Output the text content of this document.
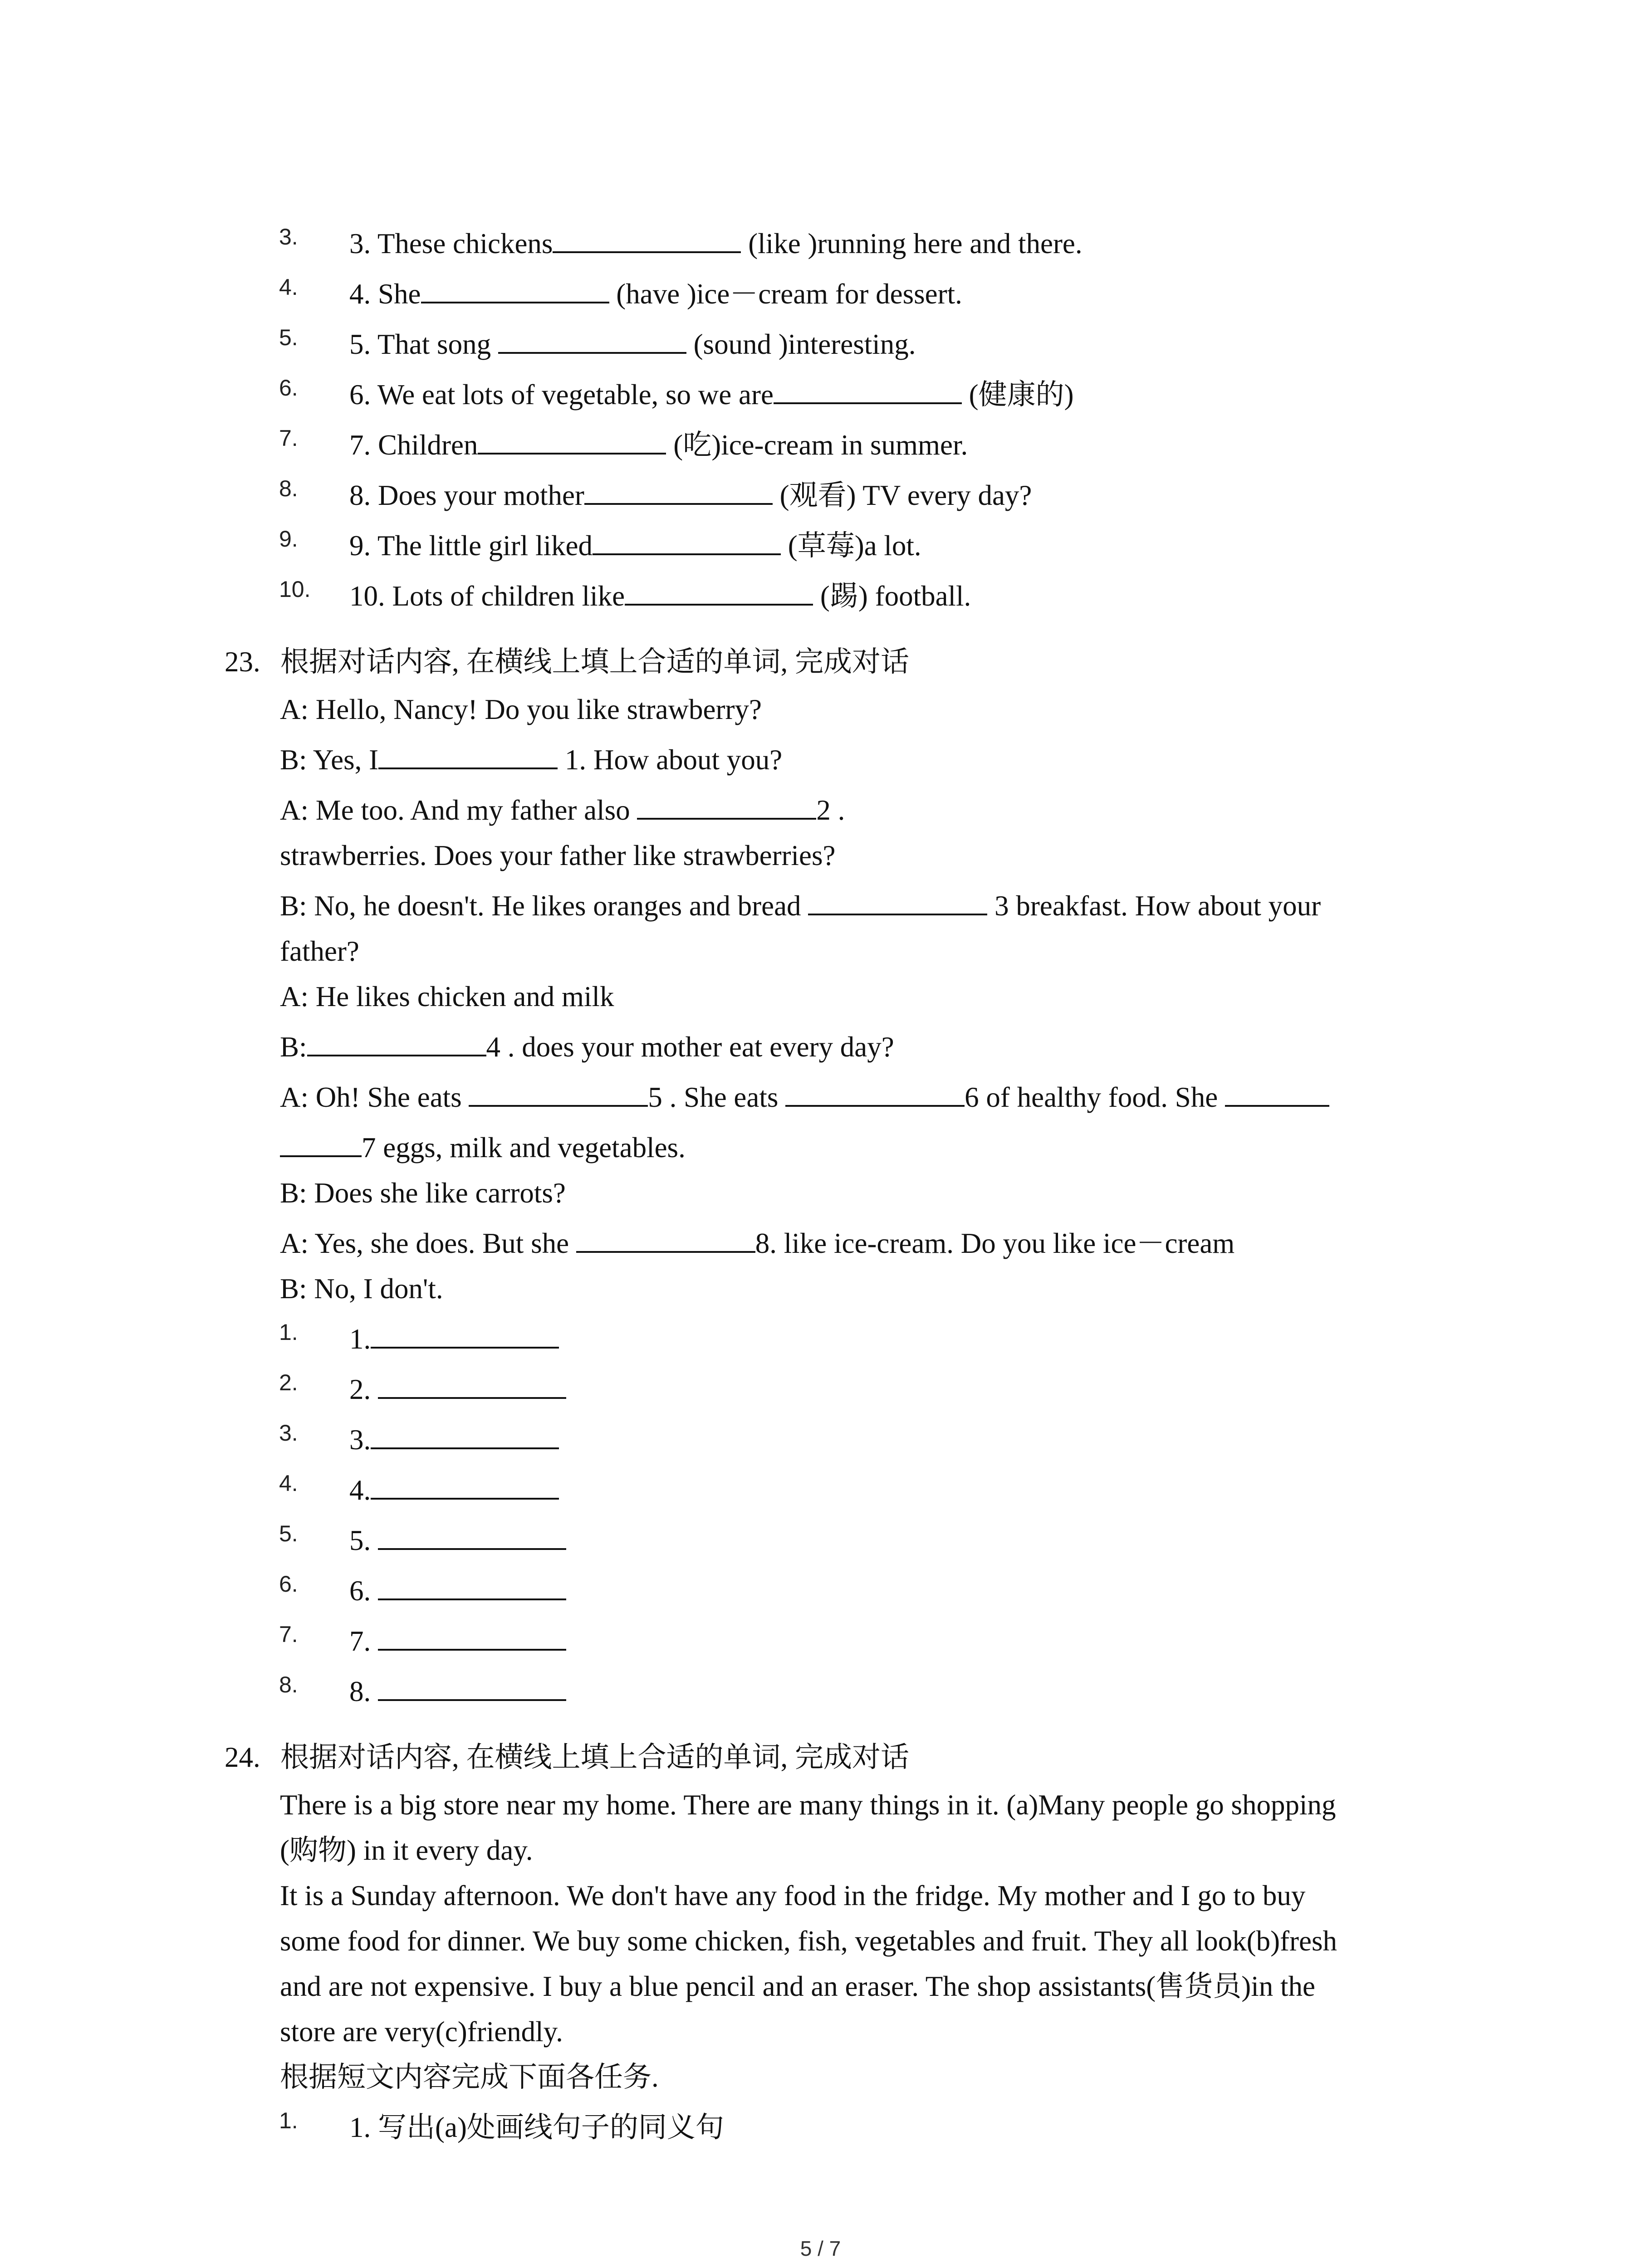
3. 3. These chickens	(like )running here and there.
4. 4. She	(have )ice－cream for dessert.
5. 5. That song	(sound )interesting.
6. 6. We eat lots of vegetable, so we are	(健康的)
7. 7. Children	(吃)ice-cream in summer.
8. 8. Does your mother	(观看) TV every day?
9. 9. The little girl liked	(草莓)a lot.
10. 10. Lots of children like	(踢) football.
23. 根据对话内容, 在横线上填上合适的单词, 完成对话
A: Hello, Nancy! Do you like strawberry?
B: Yes, I	1. How about you?
A: Me too. And my father also	2 .
strawberries. Does your father like strawberries?
B: No, he doesn't. He likes oranges and bread	3 breakfast. How about your
father?
A: He likes chicken and milk
B:	4 . does your mother eat every day?
A: Oh! She eats	5 . She eats	6 of healthy food. She
7 eggs, milk and vegetables.
B: Does she like carrots?
A: Yes, she does. But she	8. like ice-cream. Do you like ice－cream
B: No, I don't.
1. 1.
2. 2.
3. 3.
4. 4.
5. 5.
6. 6.
7. 7.
8. 8.
24. 根据对话内容, 在横线上填上合适的单词, 完成对话
There is a big store near my home. There are many things in it. (a)Many people go shopping
(购物) in it every day.
It is a Sunday afternoon. We don't have any food in the fridge. My mother and I go to buy
some food for dinner. We buy some chicken, fish, vegetables and fruit. They all look(b)fresh
and are not expensive. I buy a blue pencil and an eraser. The shop assistants(售货员)in the
store are very(c)friendly.
根据短文内容完成下面各任务.
1. 1. 写出(a)处画线句子的同义句
5 / 7
